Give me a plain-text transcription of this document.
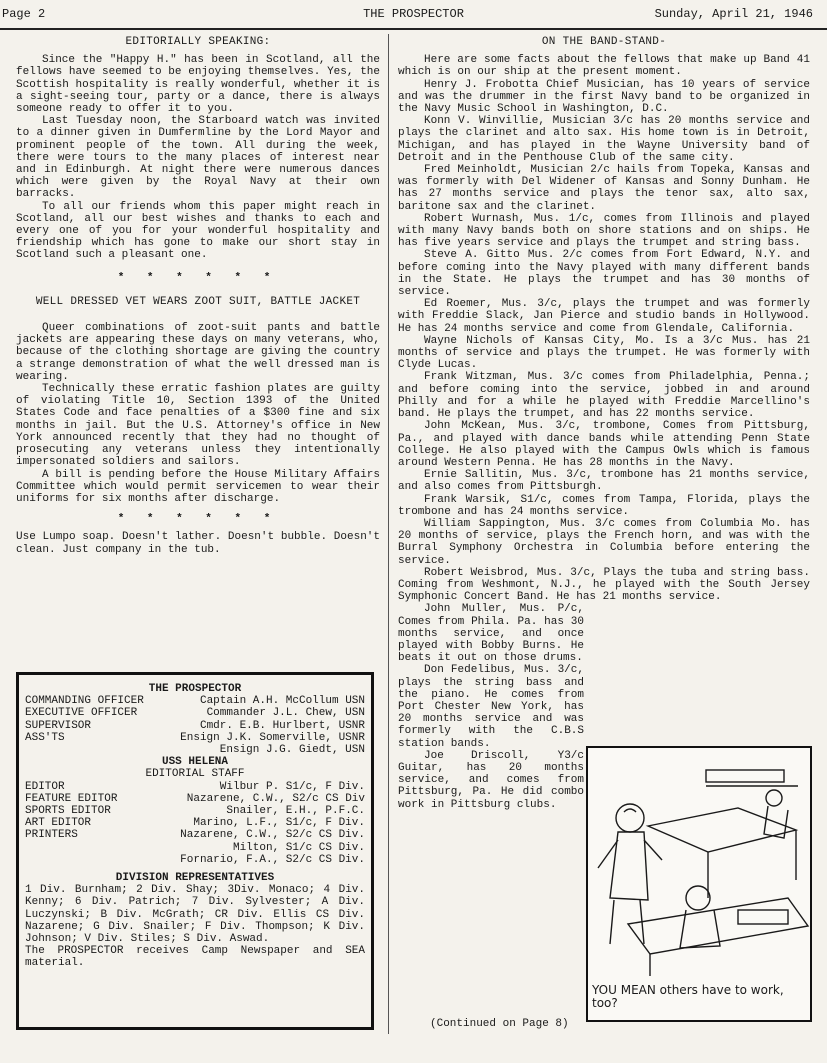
Page 2	THE PROSPECTOR	Sunday, April 21, 1946
EDITORIALLY SPEAKING:

Since the "Happy H." has been in Scotland, all the fellows have seemed to be enjoying themselves. Yes, the Scottish hospitality is really wonderful, whether it is a sight-seeing tour, party or a dance, there is always someone ready to offer it to you.

Last Tuesday noon, the Starboard watch was invited to a dinner given in Dumfermline by the Lord Mayor and prominent people of the town. All during the week, there were tours to the many places of interest near and in Edinburgh. At night there were numerous dances which were given by the Royal Navy at their own barracks.

To all our friends whom this paper might reach in Scotland, all our best wishes and thanks to each and every one of you for your wonderful hospitality and friendship which has gone to make our short stay in Scotland such a pleasant one.

* * * * * *
WELL DRESSED VET WEARS ZOOT SUIT, BATTLE JACKET

Queer combinations of zoot-suit pants and battle jackets are appearing these days on many veterans, who, because of the clothing shortage are giving the country a strange demonstration of what the well dressed man is wearing.

Technically these erratic fashion plates are guilty of violating Title 10, Section 1393 of the United States Code and face penalties of a $300 fine and six months in jail. But the U.S. Attorney's office in New York announced recently that they had no thought of prosecuting any veterans unless they intentionally impersonated soldiers and sailors.

A bill is pending before the House Military Affairs Committee which would permit servicemen to wear their uniforms for six months after discharge.

* * * * * *

Use Lumpo soap. Doesn't lather. Doesn't bubble. Doesn't clean. Just company in the tub.

THE PROSPECTOR
COMMANDING OFFICER	Captain A.H. McCollum USN
EXECUTIVE OFFICER	Commander J.L. Chew, USN
SUPERVISOR	Cmdr. E.B. Hurlbert, USNR
ASS'TS	Ensign J.K. Somerville, USNR
Ensign J.G. Giedt, USN
USS HELENA
EDITORIAL STAFF
EDITOR	Wilbur P. S1/c, F Div.
FEATURE EDITOR	Nazarene, C.W., S2/c CS Div
SPORTS EDITOR	Snailer, E.H., P.F.C.
ART EDITOR	Marino, L.F., S1/c, F Div.
PRINTERS	Nazarene, C.W., S2/c CS Div.
Milton, S1/c CS Div.
Fornario, F.A., S2/c CS Div.
DIVISION REPRESENTATIVES
1 Div. Burnham; 2 Div. Shay; 3Div. Monaco; 4 Div. Kenny; 6 Div. Patrich; 7 Div. Sylvester; A Div. Luczynski; B Div. McGrath; CR Div. Ellis CS Div. Nazarene; G Div. Snailer; F Div. Thompson; K Div. Johnson; V Div. Stiles; S Div. Aswad.
The PROSPECTOR receives Camp Newspaper and SEA material.
ON THE BAND-STAND-

Here are some facts about the fellows that make up Band 41 which is on our ship at the present moment.

Henry J. Frobotta Chief Musician, has 10 years of service and was the drummer in the first Navy band to be organized in the Navy Music School in Washington, D.C.

Konn V. Winvillie, Musician 3/c has 20 months service and plays the clarinet and alto sax. His home town is in Detroit, Michigan, and has played in the Wayne University band of Detroit and in the Penthouse Club of the same city.

Fred Meinholdt, Musician 2/c hails from Topeka, Kansas and was formerly with Del Widener of Kansas and Sonny Dunham. He has 27 months service and plays the tenor sax, alto sax, baritone sax and the clarinet.

Robert Wurnash, Mus. 1/c, comes from Illinois and played with many Navy bands both on shore stations and on ships. He has five years service and plays the trumpet and string bass.

Steve A. Gitto Mus. 2/c comes from Fort Edward, N.Y. and before coming into the Navy played with many different bands in the State. He plays the trumpet and has 30 months of service.

Ed Roemer, Mus. 3/c, plays the trumpet and was formerly with Freddie Slack, Jan Pierce and studio bands in Hollywood. He has 24 months service and come from Glendale, California.

Wayne Nichols of Kansas City, Mo. Is a 3/c Mus. has 21 months of service and plays the trumpet. He was formerly with Clyde Lucas.

Frank Witzman, Mus. 3/c comes from Philadelphia, Penna.; and before coming into the service, jobbed in and around Philly and for a while he played with Freddie Marcellino's band. He plays the trumpet, and has 22 months service.

John McKean, Mus. 3/c, trombone, Comes from Pittsburg, Pa., and played with dance bands while attending Penn State College. He also played with the Campus Owls which is famous around Western Penna. He has 28 months in the Navy.

Ernie Sallitin, Mus. 3/c, trombone has 21 months service, and also comes from Pittsburgh.

Frank Warsik, S1/c, comes from Tampa, Florida, plays the trombone and has 24 months service.

William Sappington, Mus. 3/c comes from Columbia Mo. has 20 months of service, plays the French horn, and was with the Burral Symphony Orchestra in Columbia before entering the service.

Robert Weisbrod, Mus. 3/c, Plays the tuba and string bass. Coming from Weshmont, N.J., he played with the South Jersey Symphonic Concert Band. He has 21 months service.

John Muller, Mus. P/c, Comes from Phila. Pa. has 30 months service, and once played with Bobby Burns. He beats it out on those drums.

Don Fedelibus, Mus. 3/c, plays the string bass and the piano. He comes from Port Chester New York, has 20 months service and was formerly with the C.B.S station bands.

Joe Driscoll, Y3/c Guitar, has 20 months service, and comes from Pittsburg, Pa. He did combo work in Pittsburg clubs.

YOU MEAN others have to work, too?
(Continued on Page 8)
